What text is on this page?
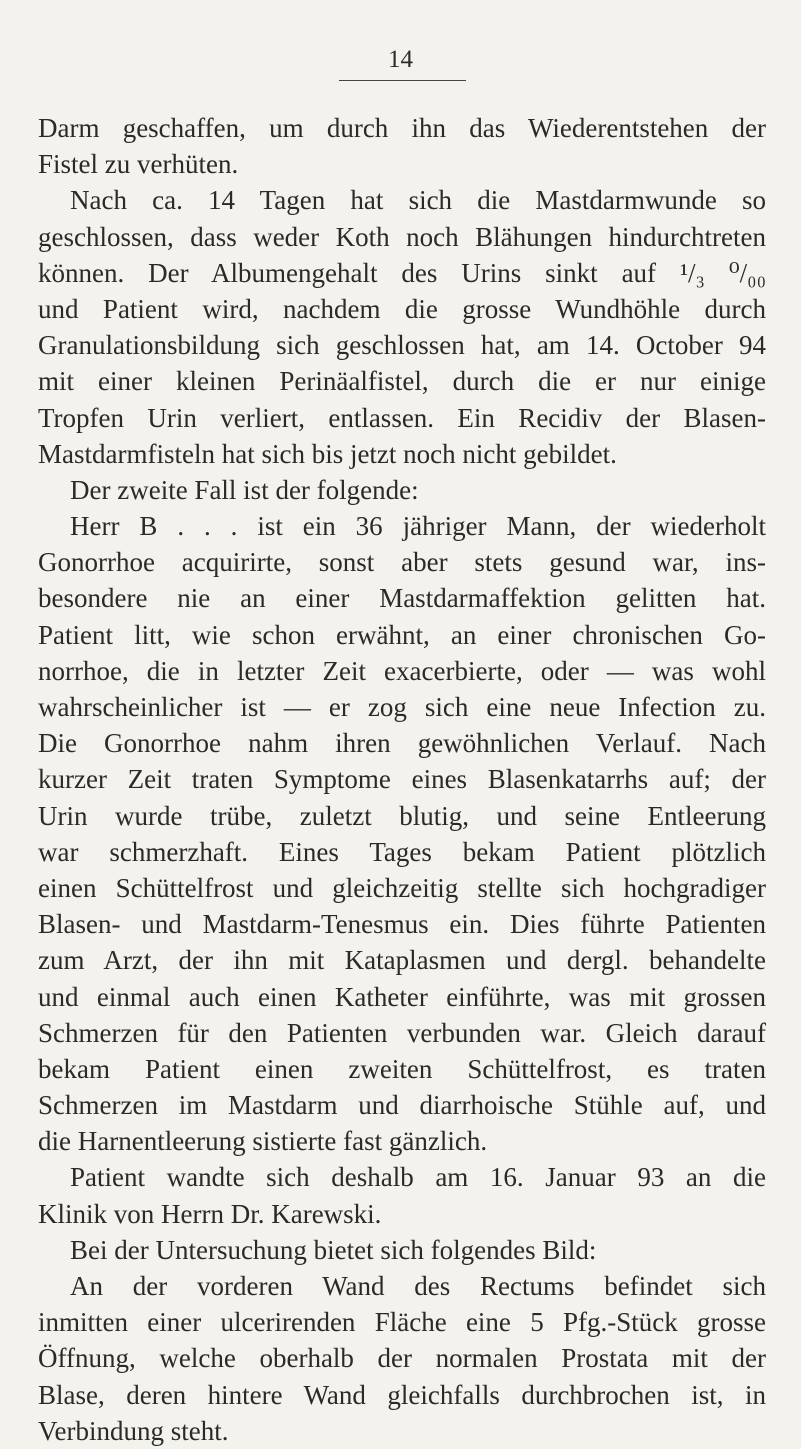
14
Darm geschaffen, um durch ihn das Wiederentstehen der
Fistel zu verhüten.
Nach ca. 14 Tagen hat sich die Mastdarmwunde so
geschlossen, dass weder Koth noch Blähungen hindurchtreten
können. Der Albumengehalt des Urins sinkt auf ¹/₃ ⁰/₀₀
und Patient wird, nachdem die grosse Wundhöhle durch
Granulationsbildung sich geschlossen hat, am 14. October 94
mit einer kleinen Perinäalfistel, durch die er nur einige
Tropfen Urin verliert, entlassen. Ein Recidiv der Blasen-
Mastdarmfisteln hat sich bis jetzt noch nicht gebildet.
Der zweite Fall ist der folgende:
Herr B . . . ist ein 36 jähriger Mann, der wiederholt
Gonorrhoe acquirirte, sonst aber stets gesund war, ins-
besondere nie an einer Mastdarmaffektion gelitten hat.
Patient litt, wie schon erwähnt, an einer chronischen Go-
norrhoe, die in letzter Zeit exacerbierte, oder — was wohl
wahrscheinlicher ist — er zog sich eine neue Infection zu.
Die Gonorrhoe nahm ihren gewöhnlichen Verlauf. Nach
kurzer Zeit traten Symptome eines Blasenkatarrhs auf; der
Urin wurde trübe, zuletzt blutig, und seine Entleerung
war schmerzhaft. Eines Tages bekam Patient plötzlich
einen Schüttelfrost und gleichzeitig stellte sich hochgradiger
Blasen- und Mastdarm-Tenesmus ein. Dies führte Patienten
zum Arzt, der ihn mit Kataplasmen und dergl. behandelte
und einmal auch einen Katheter einführte, was mit grossen
Schmerzen für den Patienten verbunden war. Gleich darauf
bekam Patient einen zweiten Schüttelfrost, es traten
Schmerzen im Mastdarm und diarrhoische Stühle auf, und
die Harnentleerung sistierte fast gänzlich.
Patient wandte sich deshalb am 16. Januar 93 an die
Klinik von Herrn Dr. Karewski.
Bei der Untersuchung bietet sich folgendes Bild:
An der vorderen Wand des Rectums befindet sich
inmitten einer ulcerirenden Fläche eine 5 Pfg.-Stück grosse
Öffnung, welche oberhalb der normalen Prostata mit der
Blase, deren hintere Wand gleichfalls durchbrochen ist, in
Verbindung steht.
